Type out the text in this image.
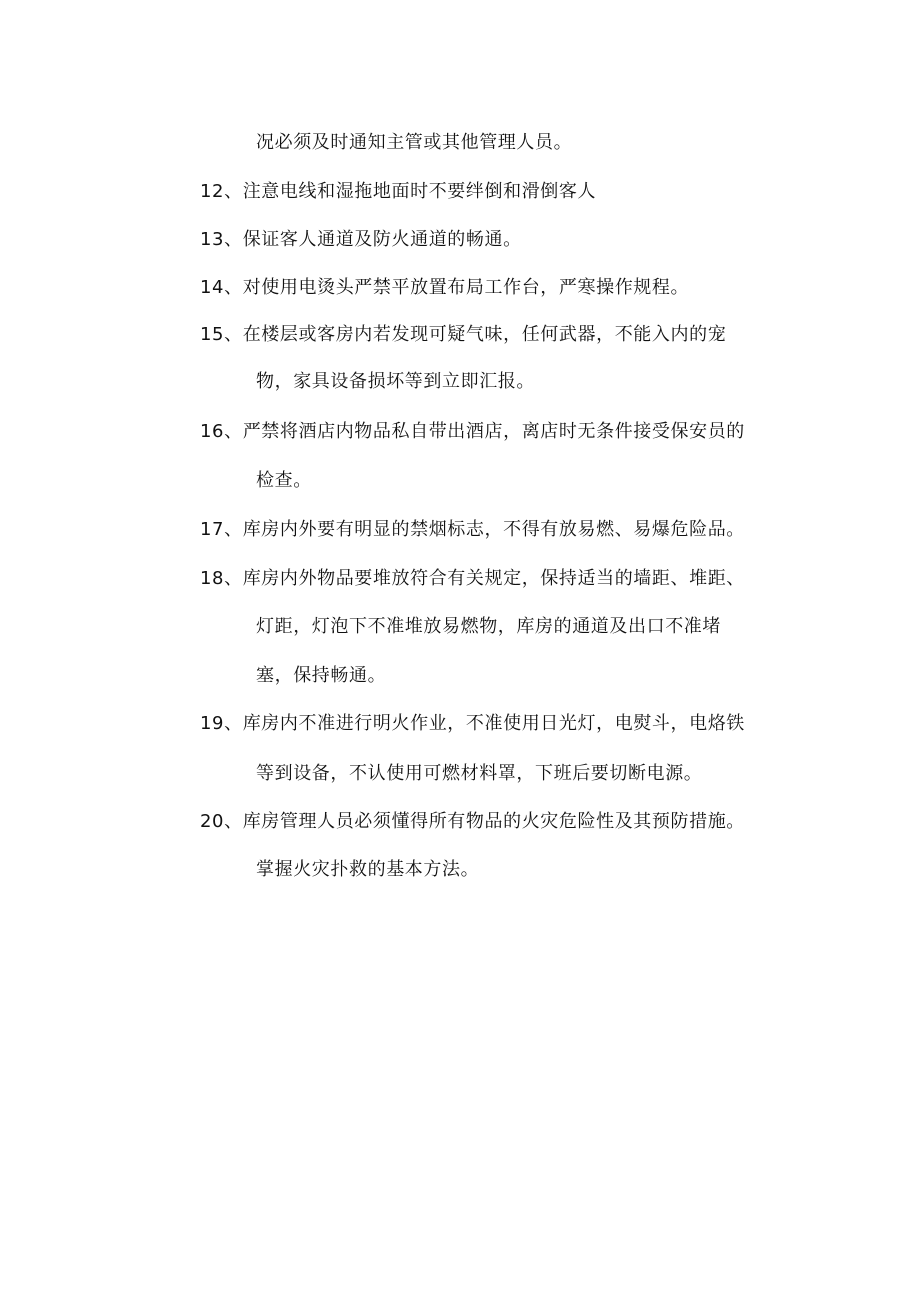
况必须及时通知主管或其他管理人员。
12、注意电线和湿拖地面时不要绊倒和滑倒客人
13、保证客人通道及防火通道的畅通。
14、对使用电烫头严禁平放置布局工作台，严寒操作规程。
15、在楼层或客房内若发现可疑气味，任何武器，不能入内的宠
物，家具设备损坏等到立即汇报。
16、严禁将酒店内物品私自带出酒店，离店时无条件接受保安员的
检查。
17、库房内外要有明显的禁烟标志，不得有放易燃、易爆危险品。
18、库房内外物品要堆放符合有关规定，保持适当的墙距、堆距、
灯距，灯泡下不准堆放易燃物，库房的通道及出口不准堵
塞，保持畅通。
19、库房内不准进行明火作业，不准使用日光灯，电熨斗，电烙铁
等到设备，不认使用可燃材料罩，下班后要切断电源。
20、库房管理人员必须懂得所有物品的火灾危险性及其预防措施。
掌握火灾扑救的基本方法。
